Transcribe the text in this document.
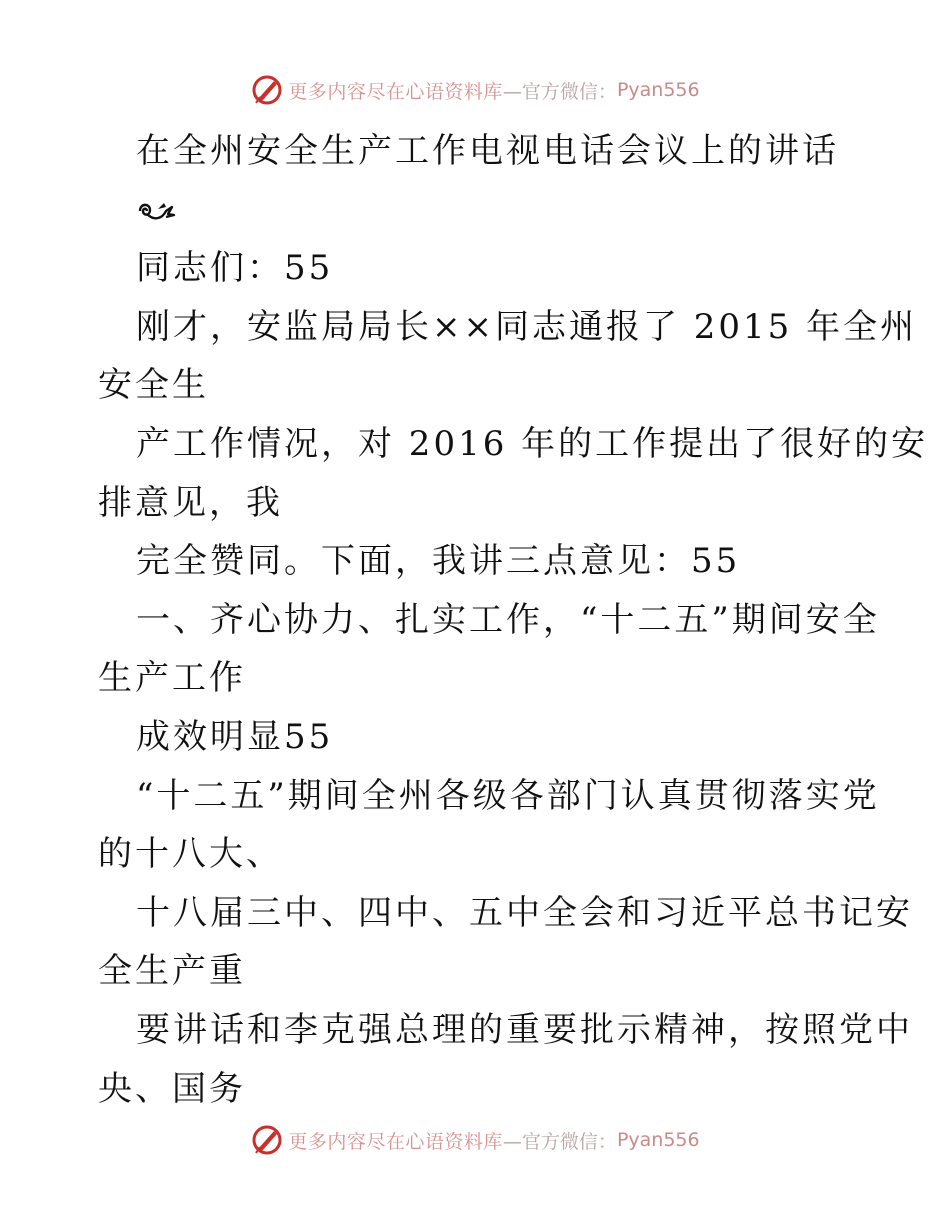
更多内容尽在心语资料库 —官方微信： Pyan556
在全州安全生产工作电视电话会议上的讲话
同志们：55
刚才，安监局局长××同志通报了 2015 年全州
安全生
产工作情况，对 2016 年的工作提出了很好的安
排意见，我
完全赞同。下面，我讲三点意见：55
一、齐心协力、扎实工作，“十二五”期间安全
生产工作
成效明显55
“十二五”期间全州各级各部门认真贯彻落实党
的十八大、
十八届三中、四中、五中全会和习近平总书记安
全生产重
要讲话和李克强总理的重要批示精神，按照党中
央、国务
更多内容尽在心语资料库 —官方微信： Pyan556
